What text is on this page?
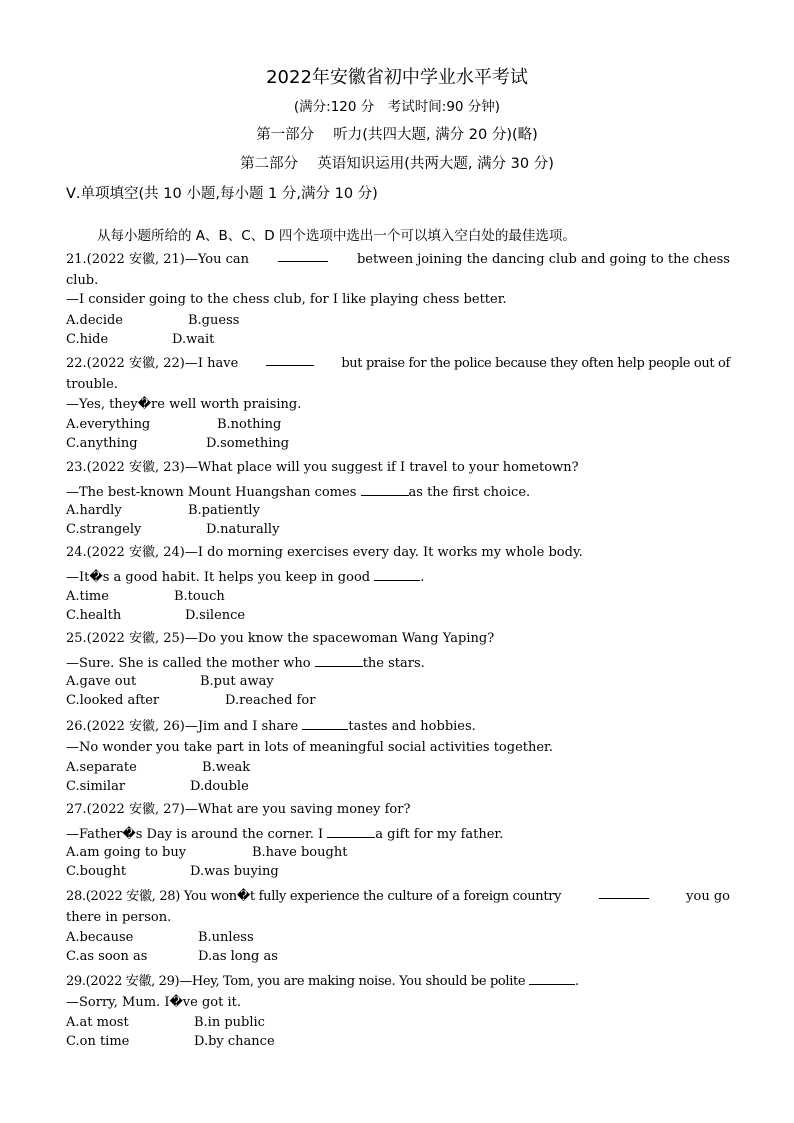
2022年安徽省初中学业水平考试
(满分:120 分　考试时间:90 分钟)
第一部分　 听力(共四大题, 满分 20 分)(略)
第二部分　 英语知识运用(共两大题, 满分 30 分)
Ⅴ.单项填空(共 10 小题,每小题 1 分,满分 10 分)
从每小题所给的 A、B、C、D 四个选项中选出一个可以填入空白处的最佳选项。
21.(2022 安徽, 21)—You can	between joining the dancing club and going to the chess
club.
—I consider going to the chess club, for I like playing chess better.
A.decide	B.guess
C.hide	D.wait
22.(2022 安徽, 22)—I have	but praise for the police because they often help people out of
trouble.
—Yes, they�re well worth praising.
A.everything	B.nothing
C.anything	D.something
23.(2022 安徽, 23)—What place will you suggest if I travel to your hometown?
—The best-known Mount Huangshan comes	as the first choice.
A.hardly	B.patiently
C.strangely	D.naturally
24.(2022 安徽, 24)—I do morning exercises every day. It works my whole body.
—It�s a good habit. It helps you keep in good	.
A.time	B.touch
C.health	D.silence
25.(2022 安徽, 25)—Do you know the spacewoman Wang Yaping?
—Sure. She is called the mother who	the stars.
A.gave out	B.put away
C.looked after	D.reached for
26.(2022 安徽, 26)—Jim and I share	tastes and hobbies.
—No wonder you take part in lots of meaningful social activities together.
A.separate	B.weak
C.similar	D.double
27.(2022 安徽, 27)—What are you saving money for?
—Father�s Day is around the corner. I	a gift for my father.
A.am going to buy	B.have bought
C.bought	D.was buying
28.(2022 安徽, 28) You won�t fully experience the culture of a foreign country	you go
there in person.
A.because	B.unless
C.as soon as	D.as long as
29.(2022 安徽, 29)—Hey, Tom, you are making noise. You should be polite	.
—Sorry, Mum. I�ve got it.
A.at most	B.in public
C.on time	D.by chance
